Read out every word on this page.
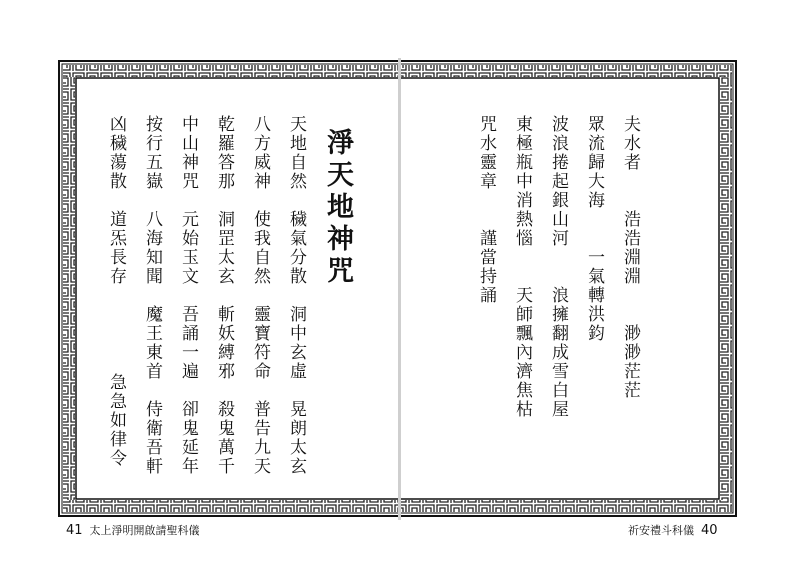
夫水者　　浩浩淵淵　　渺渺茫茫
眾流歸大海　　一氣轉洪鈞
波浪捲起銀山河　　浪擁翻成雪白屋
東極瓶中消熱惱　　天師飄內濟焦枯
咒水靈章　　謹當持誦
淨天地神咒
天地自然　穢氣分散　洞中玄虛　晃朗太玄
八方威神　使我自然　靈寶符命　普告九天
乾羅答那　洞罡太玄　斬妖縛邪　殺鬼萬千
中山神咒　元始玉文　吾誦一遍　卻鬼延年
按行五嶽　八海知聞　魔王東首　侍衛吾軒
凶穢蕩散　道炁長存
急急如律令
41 太上淨明開啟請聖科儀	祈安禮斗科儀 40
